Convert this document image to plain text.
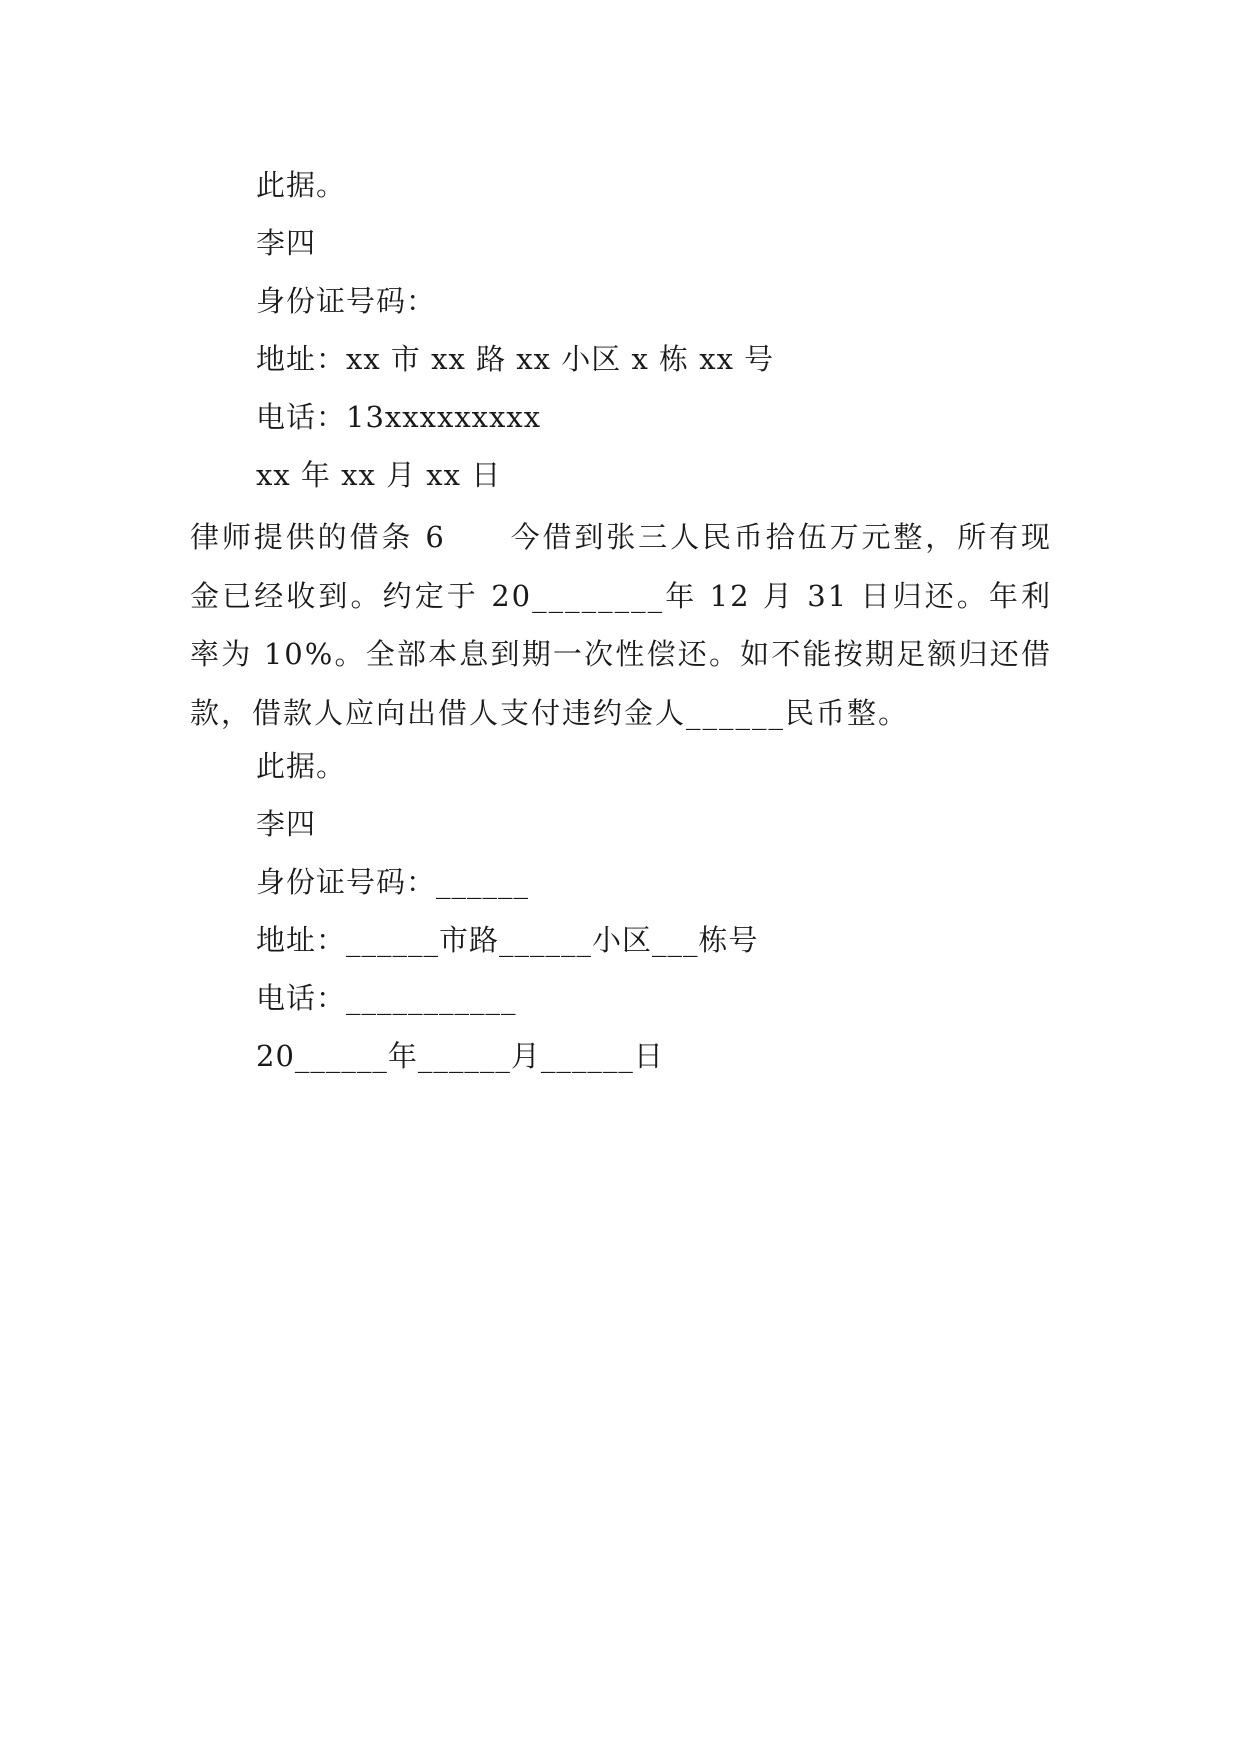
此据。
李四
身份证号码：
地址：xx 市 xx 路 xx 小区 x 栋 xx 号
电话：13xxxxxxxxx
xx 年 xx 月 xx 日
律师提供的借条 6　　今借到张三人民币拾伍万元整，所有现金已经收到。约定于 20________年 12 月 31 日归还。年利率为 10%。全部本息到期一次性偿还。如不能按期足额归还借款，借款人应向出借人支付违约金人______民币整。
此据。
李四
身份证号码：______
地址：______市路______小区___栋号
电话：___________
20______年______月______日
